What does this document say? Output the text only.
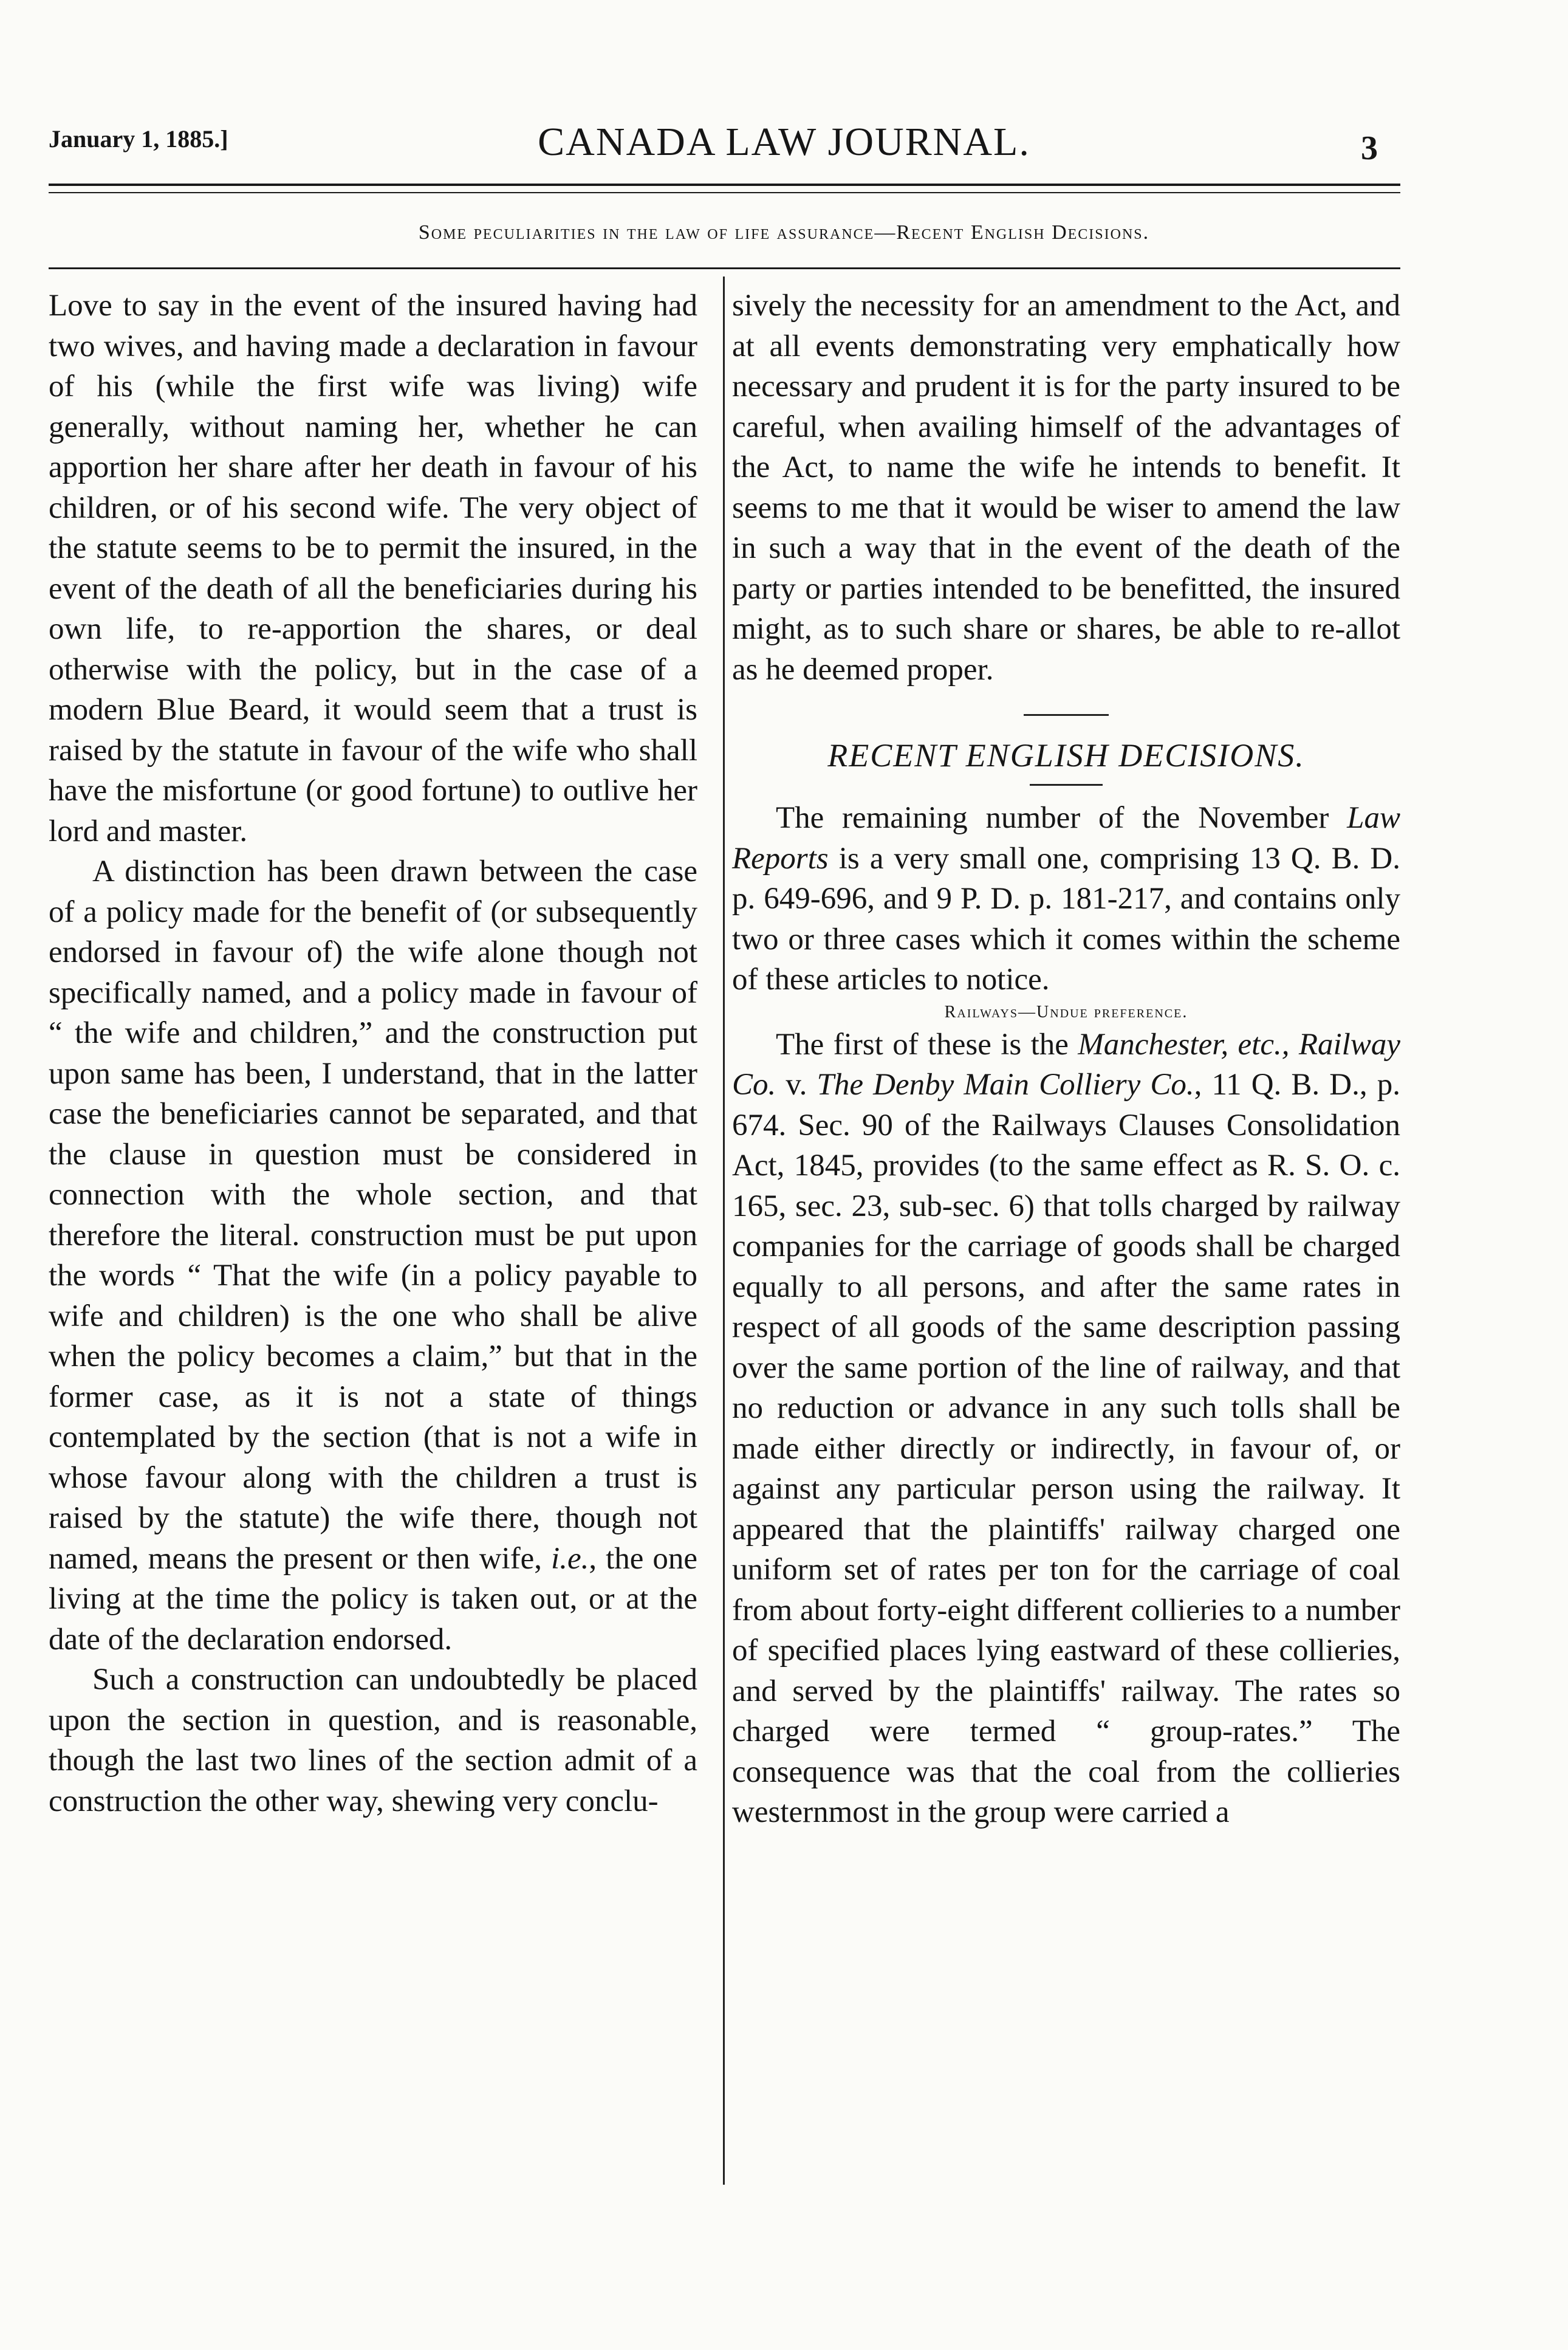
January 1, 1885.]	CANADA LAW JOURNAL.	3
Some peculiarities in the law of life assurance—Recent English Decisions.

Love to say in the event of the insured having had two wives, and having made a declaration in favour of his (while the first wife was living) wife generally, without naming her, whether he can apportion her share after her death in favour of his children, or of his second wife. The very object of the statute seems to be to permit the insured, in the event of the death of all the beneficiaries during his own life, to re-apportion the shares, or deal otherwise with the policy, but in the case of a modern Blue Beard, it would seem that a trust is raised by the statute in favour of the wife who shall have the misfortune (or good fortune) to outlive her lord and master.

A distinction has been drawn between the case of a policy made for the benefit of (or subsequently endorsed in favour of) the wife alone though not specifically named, and a policy made in favour of “ the wife and children,” and the construction put upon same has been, I understand, that in the latter case the beneficiaries cannot be separated, and that the clause in question must be considered in connection with the whole section, and that therefore the literal. construction must be put upon the words “ That the wife (in a policy payable to wife and children) is the one who shall be alive when the policy becomes a claim,” but that in the former case, as it is not a state of things contemplated by the section (that is not a wife in whose favour along with the children a trust is raised by the statute) the wife there, though not named, means the present or then wife, i.e., the one living at the time the policy is taken out, or at the date of the declaration endorsed.

Such a construction can undoubtedly be placed upon the section in question, and is reasonable, though the last two lines of the section admit of a construction the other way, shewing very conclu-

sively the necessity for an amendment to the Act, and at all events demonstrating very emphatically how necessary and prudent it is for the party insured to be careful, when availing himself of the advantages of the Act, to name the wife he intends to benefit. It seems to me that it would be wiser to amend the law in such a way that in the event of the death of the party or parties intended to be benefitted, the insured might, as to such share or shares, be able to re-allot as he deemed proper.

RECENT ENGLISH DECISIONS.

The remaining number of the November Law Reports is a very small one, comprising 13 Q. B. D. p. 649-696, and 9 P. D. p. 181-217, and contains only two or three cases which it comes within the scheme of these articles to notice.

Railways—Undue preference.

The first of these is the Manchester, etc., Railway Co. v. The Denby Main Colliery Co., 11 Q. B. D., p. 674. Sec. 90 of the Railways Clauses Consolidation Act, 1845, provides (to the same effect as R. S. O. c. 165, sec. 23, sub-sec. 6) that tolls charged by railway companies for the carriage of goods shall be charged equally to all persons, and after the same rates in respect of all goods of the same description passing over the same portion of the line of railway, and that no reduction or advance in any such tolls shall be made either directly or indirectly, in favour of, or against any particular person using the railway. It appeared that the plaintiffs' railway charged one uniform set of rates per ton for the carriage of coal from about forty-eight different collieries to a number of specified places lying eastward of these collieries, and served by the plaintiffs' railway. The rates so charged were termed “ group-rates.” The consequence was that the coal from the collieries westernmost in the group were carried a
